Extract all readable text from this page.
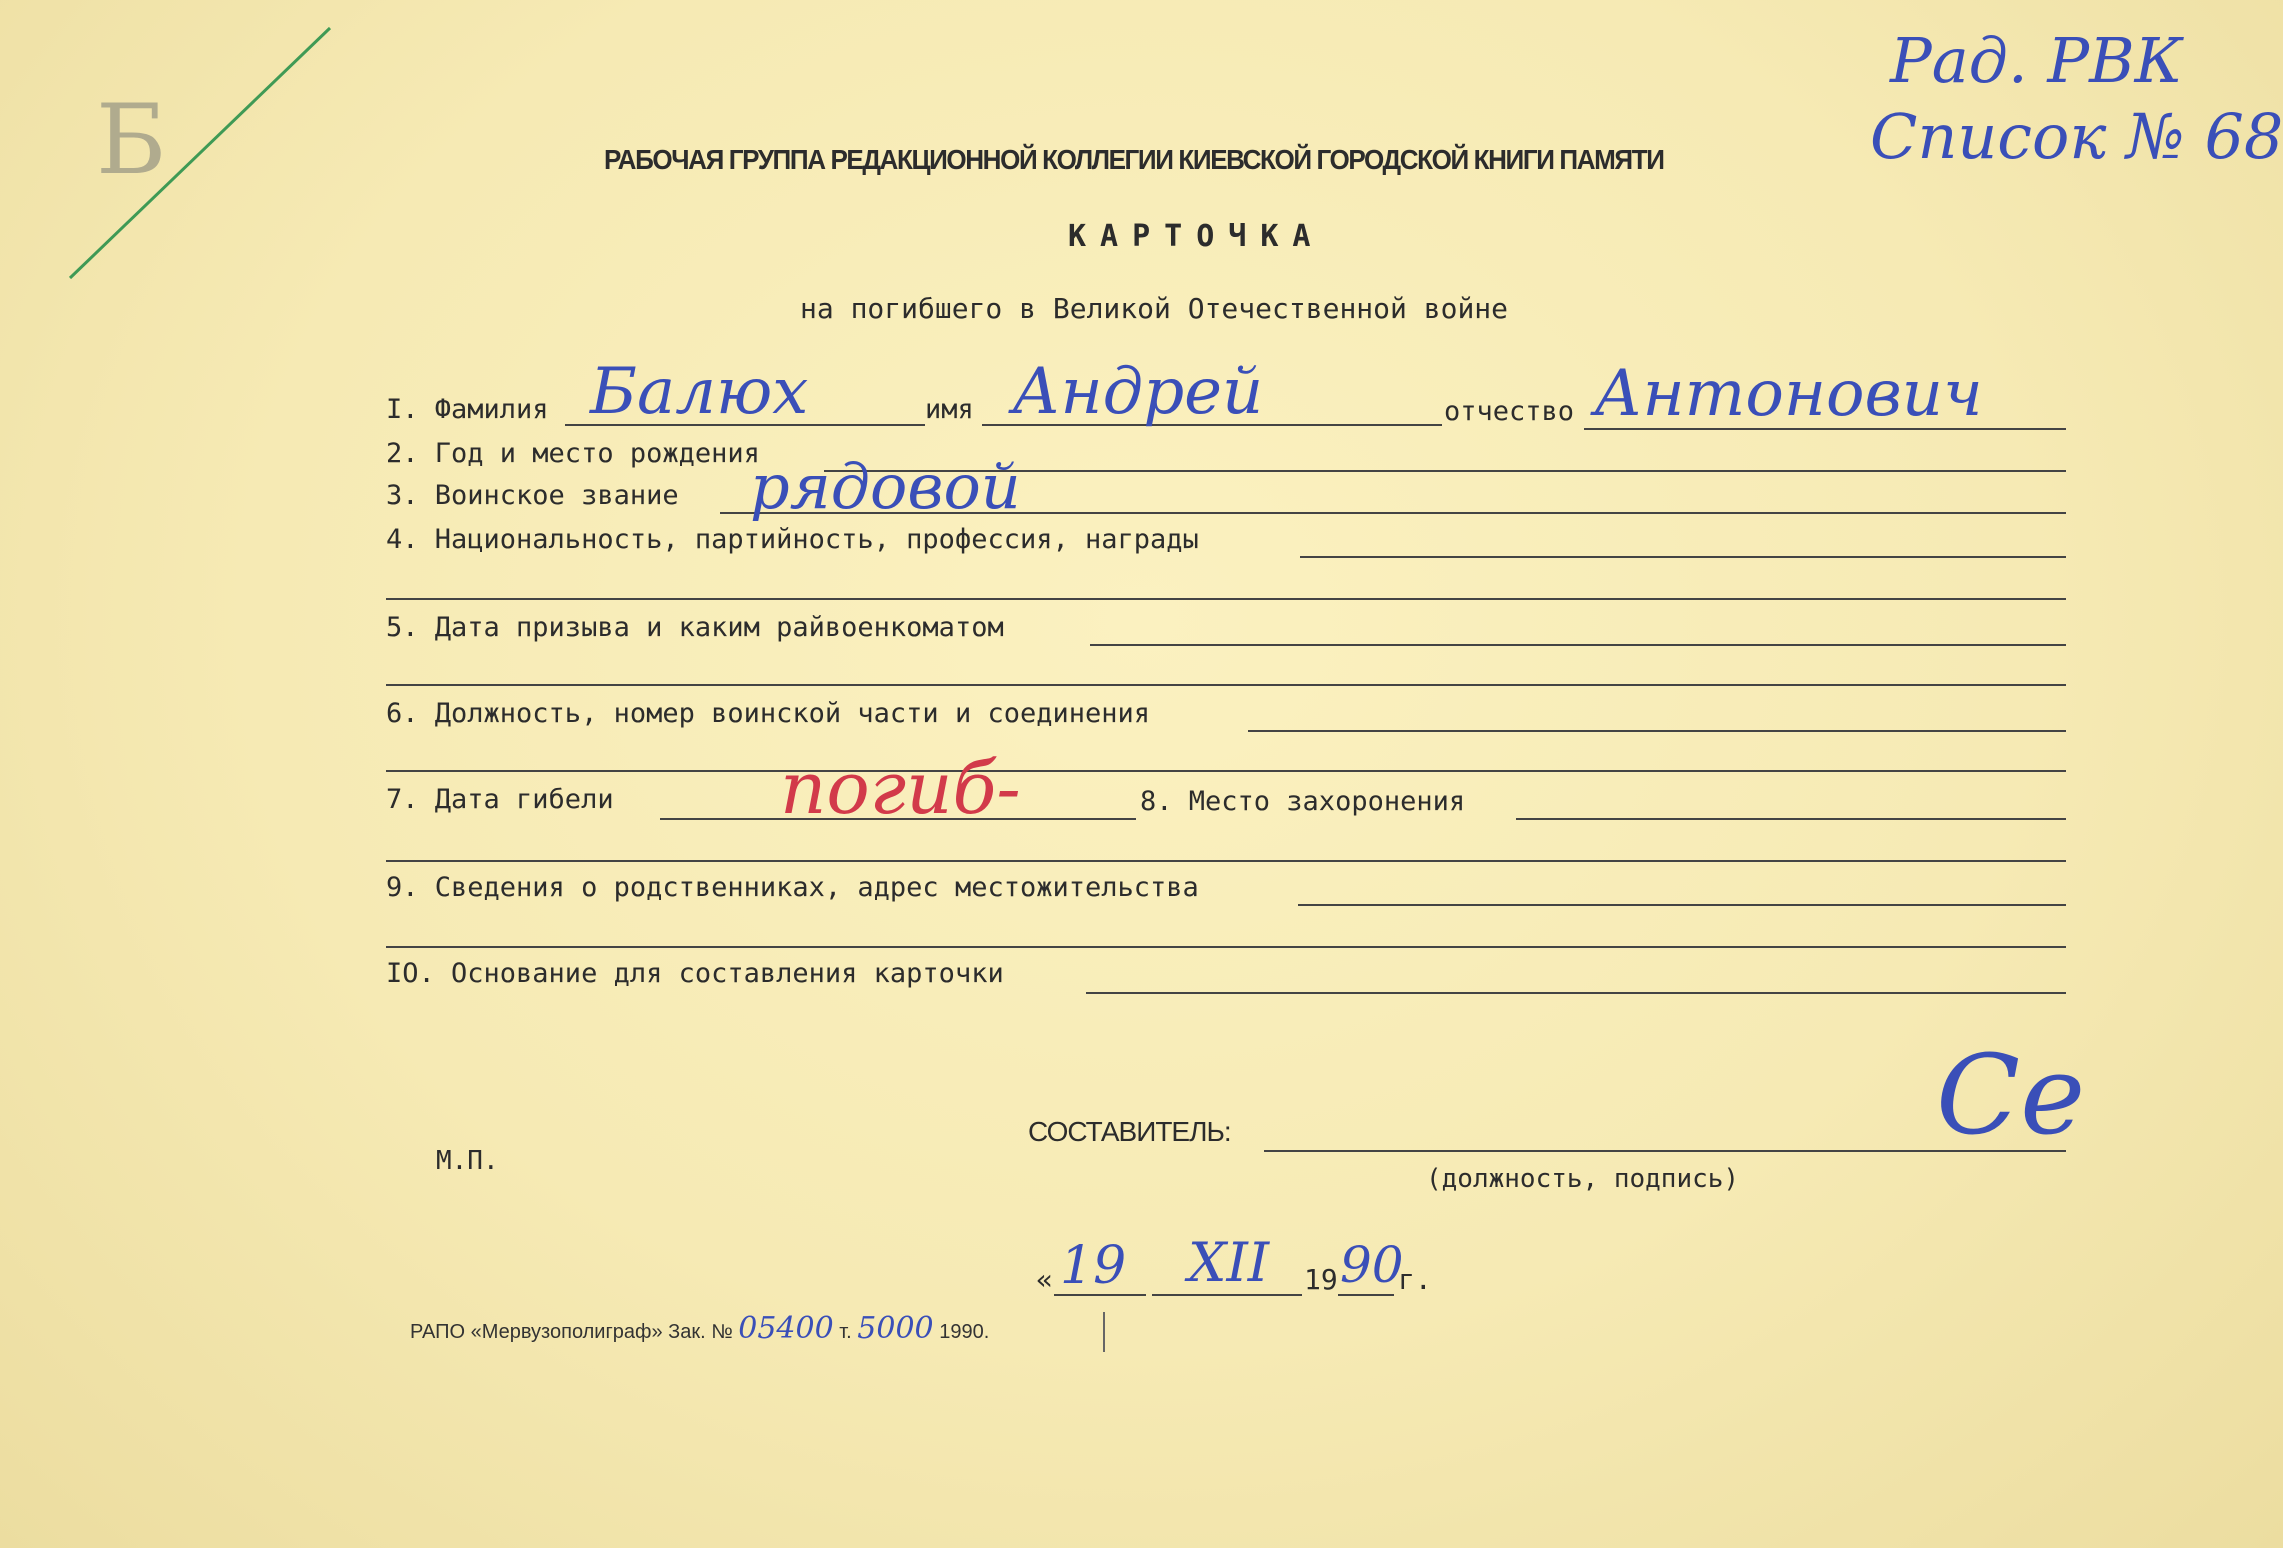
Б
Рад. РВК
Список № 68
РАБОЧАЯ ГРУППА РЕДАКЦИОННОЙ КОЛЛЕГИИ КИЕВСКОЙ ГОРОДСКОЙ КНИГИ ПАМЯТИ
КАРТОЧКА
на погибшего в Великой Отечественной войне
I. Фамилия Балюх	имя Андрей	отчество Антонович
2. Год и место рождения
3. Воинское звание рядовой
4. Национальность, партийность, профессия, награды
5. Дата призыва и каким райвоенкоматом
6. Должность, номер воинской части и соединения
7. Дата гибели погиб-	8. Место захоронения
9. Сведения о родственниках, адрес местожительства
IO. Основание для составления карточки
М.П.
СОСТАВИТЕЛЬ:	Се
(должность, подпись)
« 19 XII 19 90
г.
РАПО «Мервузополиграф» Зак. № 05400 т. 5000 1990.
